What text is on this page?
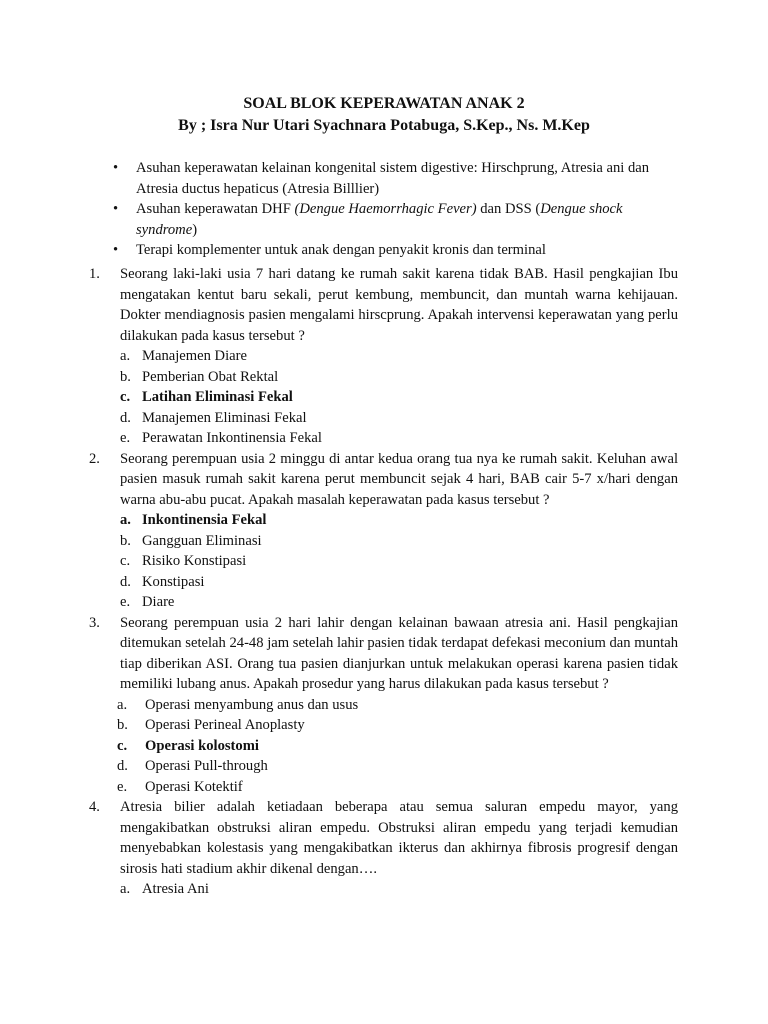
SOAL BLOK KEPERAWATAN ANAK 2
By ; Isra Nur Utari Syachnara Potabuga, S.Kep., Ns. M.Kep
• Asuhan keperawatan kelainan kongenital sistem digestive: Hirschprung, Atresia ani dan Atresia ductus hepaticus (Atresia Billlier)
• Asuhan keperawatan DHF (Dengue Haemorrhagic Fever) dan DSS (Dengue shock syndrome)
• Terapi komplementer untuk anak dengan penyakit kronis dan terminal
1. Seorang laki-laki usia 7 hari datang ke rumah sakit karena tidak BAB. Hasil pengkajian Ibu mengatakan kentut baru sekali, perut kembung, membuncit, dan muntah warna kehijauan. Dokter mendiagnosis pasien mengalami hirscprung. Apakah intervensi keperawatan yang perlu dilakukan pada kasus tersebut ?
a. Manajemen Diare
b. Pemberian Obat Rektal
c. Latihan Eliminasi Fekal
d. Manajemen Eliminasi Fekal
e. Perawatan Inkontinensia Fekal
2. Seorang perempuan usia 2 minggu di antar kedua orang tua nya ke rumah sakit. Keluhan awal pasien masuk rumah sakit karena perut membuncit sejak 4 hari, BAB cair 5-7 x/hari dengan warna abu-abu pucat. Apakah masalah keperawatan pada kasus tersebut ?
a. Inkontinensia Fekal
b. Gangguan Eliminasi
c. Risiko Konstipasi
d. Konstipasi
e. Diare
3. Seorang perempuan usia 2 hari lahir dengan kelainan bawaan atresia ani. Hasil pengkajian ditemukan setelah 24-48 jam setelah lahir pasien tidak terdapat defekasi meconium dan muntah tiap diberikan ASI. Orang tua pasien dianjurkan untuk melakukan operasi karena pasien tidak memiliki lubang anus. Apakah prosedur yang harus dilakukan pada kasus tersebut ?
a. Operasi menyambung anus dan usus
b. Operasi Perineal Anoplasty
c. Operasi kolostomi
d. Operasi Pull-through
e. Operasi Kotektif
4. Atresia bilier adalah ketiadaan beberapa atau semua saluran empedu mayor, yang mengakibatkan obstruksi aliran empedu. Obstruksi aliran empedu yang terjadi kemudian menyebabkan kolestasis yang mengakibatkan ikterus dan akhirnya fibrosis progresif dengan sirosis hati stadium akhir dikenal dengan….
a. Atresia Ani
